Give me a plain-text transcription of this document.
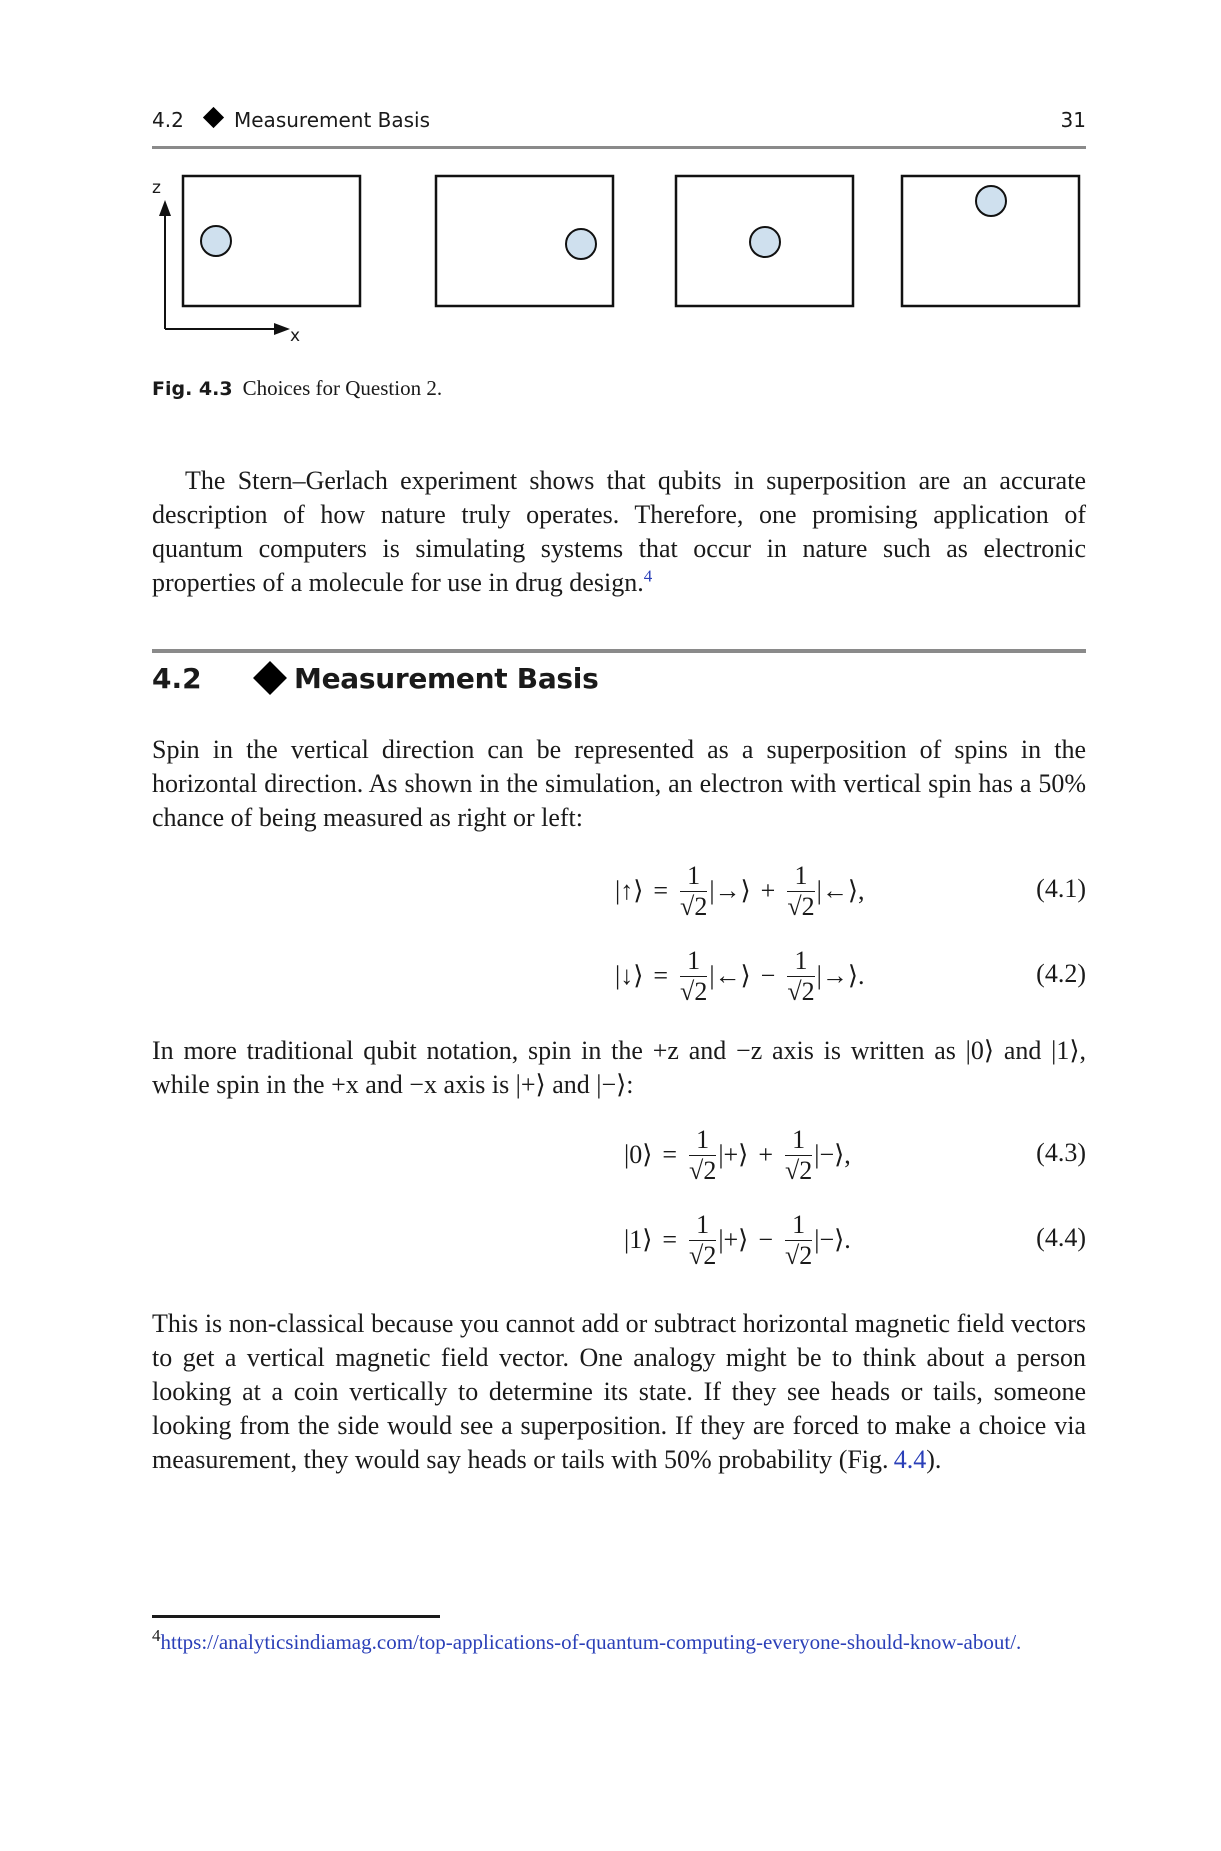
4.2	Measurement Basis	31
z
x
Fig. 4.3 Choices for Question 2.
The Stern–Gerlach experiment shows that qubits in superposition are an accurate description of how nature truly operates. Therefore, one promising application of quantum computers is simulating systems that occur in nature such as electronic properties of a molecule for use in drug design.$^4$
4.2	Measurement Basis
Spin in the vertical direction can be represented as a superposition of spins in the horizontal direction. As shown in the simulation, an electron with vertical spin has a 50% chance of being measured as right or left:
|↑⟩ = $\frac{1}{√2}$ |→⟩ + $\frac{1}{√2}$ |←⟩,	(4.1)
|↓⟩ = $\frac{1}{√2}$ |←⟩ − $\frac{1}{√2}$ |→⟩.	(4.2)
In more traditional qubit notation, spin in the +z and −z axis is written as |0⟩ and |1⟩, while spin in the +x and −x axis is |+⟩ and |−⟩:
|0⟩ = $\frac{1}{√2}$ |+⟩ + $\frac{1}{√2}$ |−⟩,	(4.3)
|1⟩ = $\frac{1}{√2}$ |+⟩ − $\frac{1}{√2}$ |−⟩.	(4.4)
This is non-classical because you cannot add or subtract horizontal magnetic field vectors to get a vertical magnetic field vector. One analogy might be to think about a person looking at a coin vertically to determine its state. If they see heads or tails, someone looking from the side would see a superposition. If they are forced to make a choice via measurement, they would say heads or tails with 50% probability (Fig.  4.4).
$^4$https://analyticsindiamag.com/top-applications-of-quantum-computing-everyone-should-know-about/.
